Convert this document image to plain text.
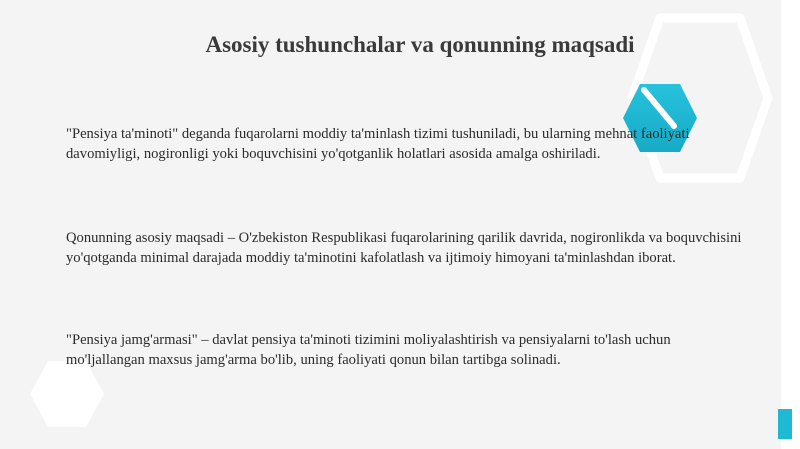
Asosiy tushunchalar va qonunning maqsadi

"Pensiya ta'minoti" deganda fuqarolarni moddiy ta'minlash tizimi tushuniladi, bu ularning mehnat faoliyati davomiyligi, nogironligi yoki boquvchisini yo'qotganlik holatlari asosida amalga oshiriladi.

Qonunning asosiy maqsadi – O'zbekiston Respublikasi fuqarolarining qarilik davrida, nogironlikda va boquvchisini yo'qotganda minimal darajada moddiy ta'minotini kafolatlash va ijtimoiy himoyani ta'minlashdan iborat.

"Pensiya jamg'armasi" – davlat pensiya ta'minoti tizimini moliyalashtirish va pensiyalarni to'lash uchun mo'ljallangan maxsus jamg'arma bo'lib, uning faoliyati qonun bilan tartibga solinadi.
